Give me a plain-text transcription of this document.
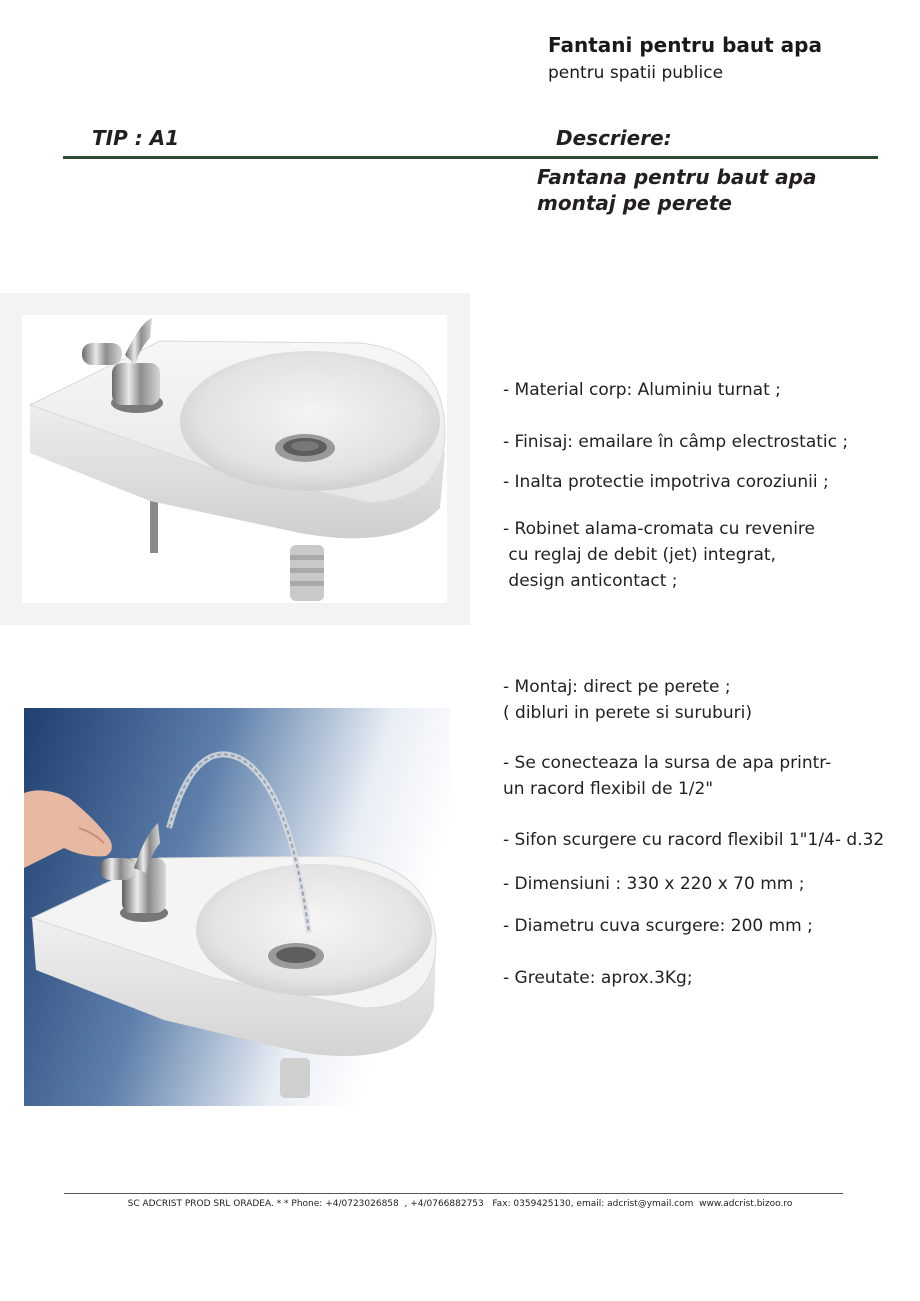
Fantani pentru baut apa
pentru spatii publice
TIP : A1	Descriere:
Fantana pentru baut apa
montaj pe perete
- Material corp: Aluminiu turnat ;
- Finisaj: emailare în câmp electrostatic ;
- Inalta protectie impotriva coroziunii ;
- Robinet alama-cromata cu revenire
cu reglaj de debit (jet) integrat,
design anticontact ;
- Montaj: direct pe perete ;
( dibluri in perete si suruburi)
- Se conecteaza la sursa de apa printr-
un racord flexibil de 1/2"
- Sifon scurgere cu racord flexibil 1"1/4- d.32
- Dimensiuni : 330 x 220 x 70 mm ;
- Diametru cuva scurgere: 200 mm ;
- Greutate: aprox.3Kg;
SC ADCRIST PROD SRL ORADEA. * * Phone: +4/0723026858  , +4/0766882753   Fax: 0359425130, email: adcrist@ymail.com  www.adcrist.bizoo.ro
